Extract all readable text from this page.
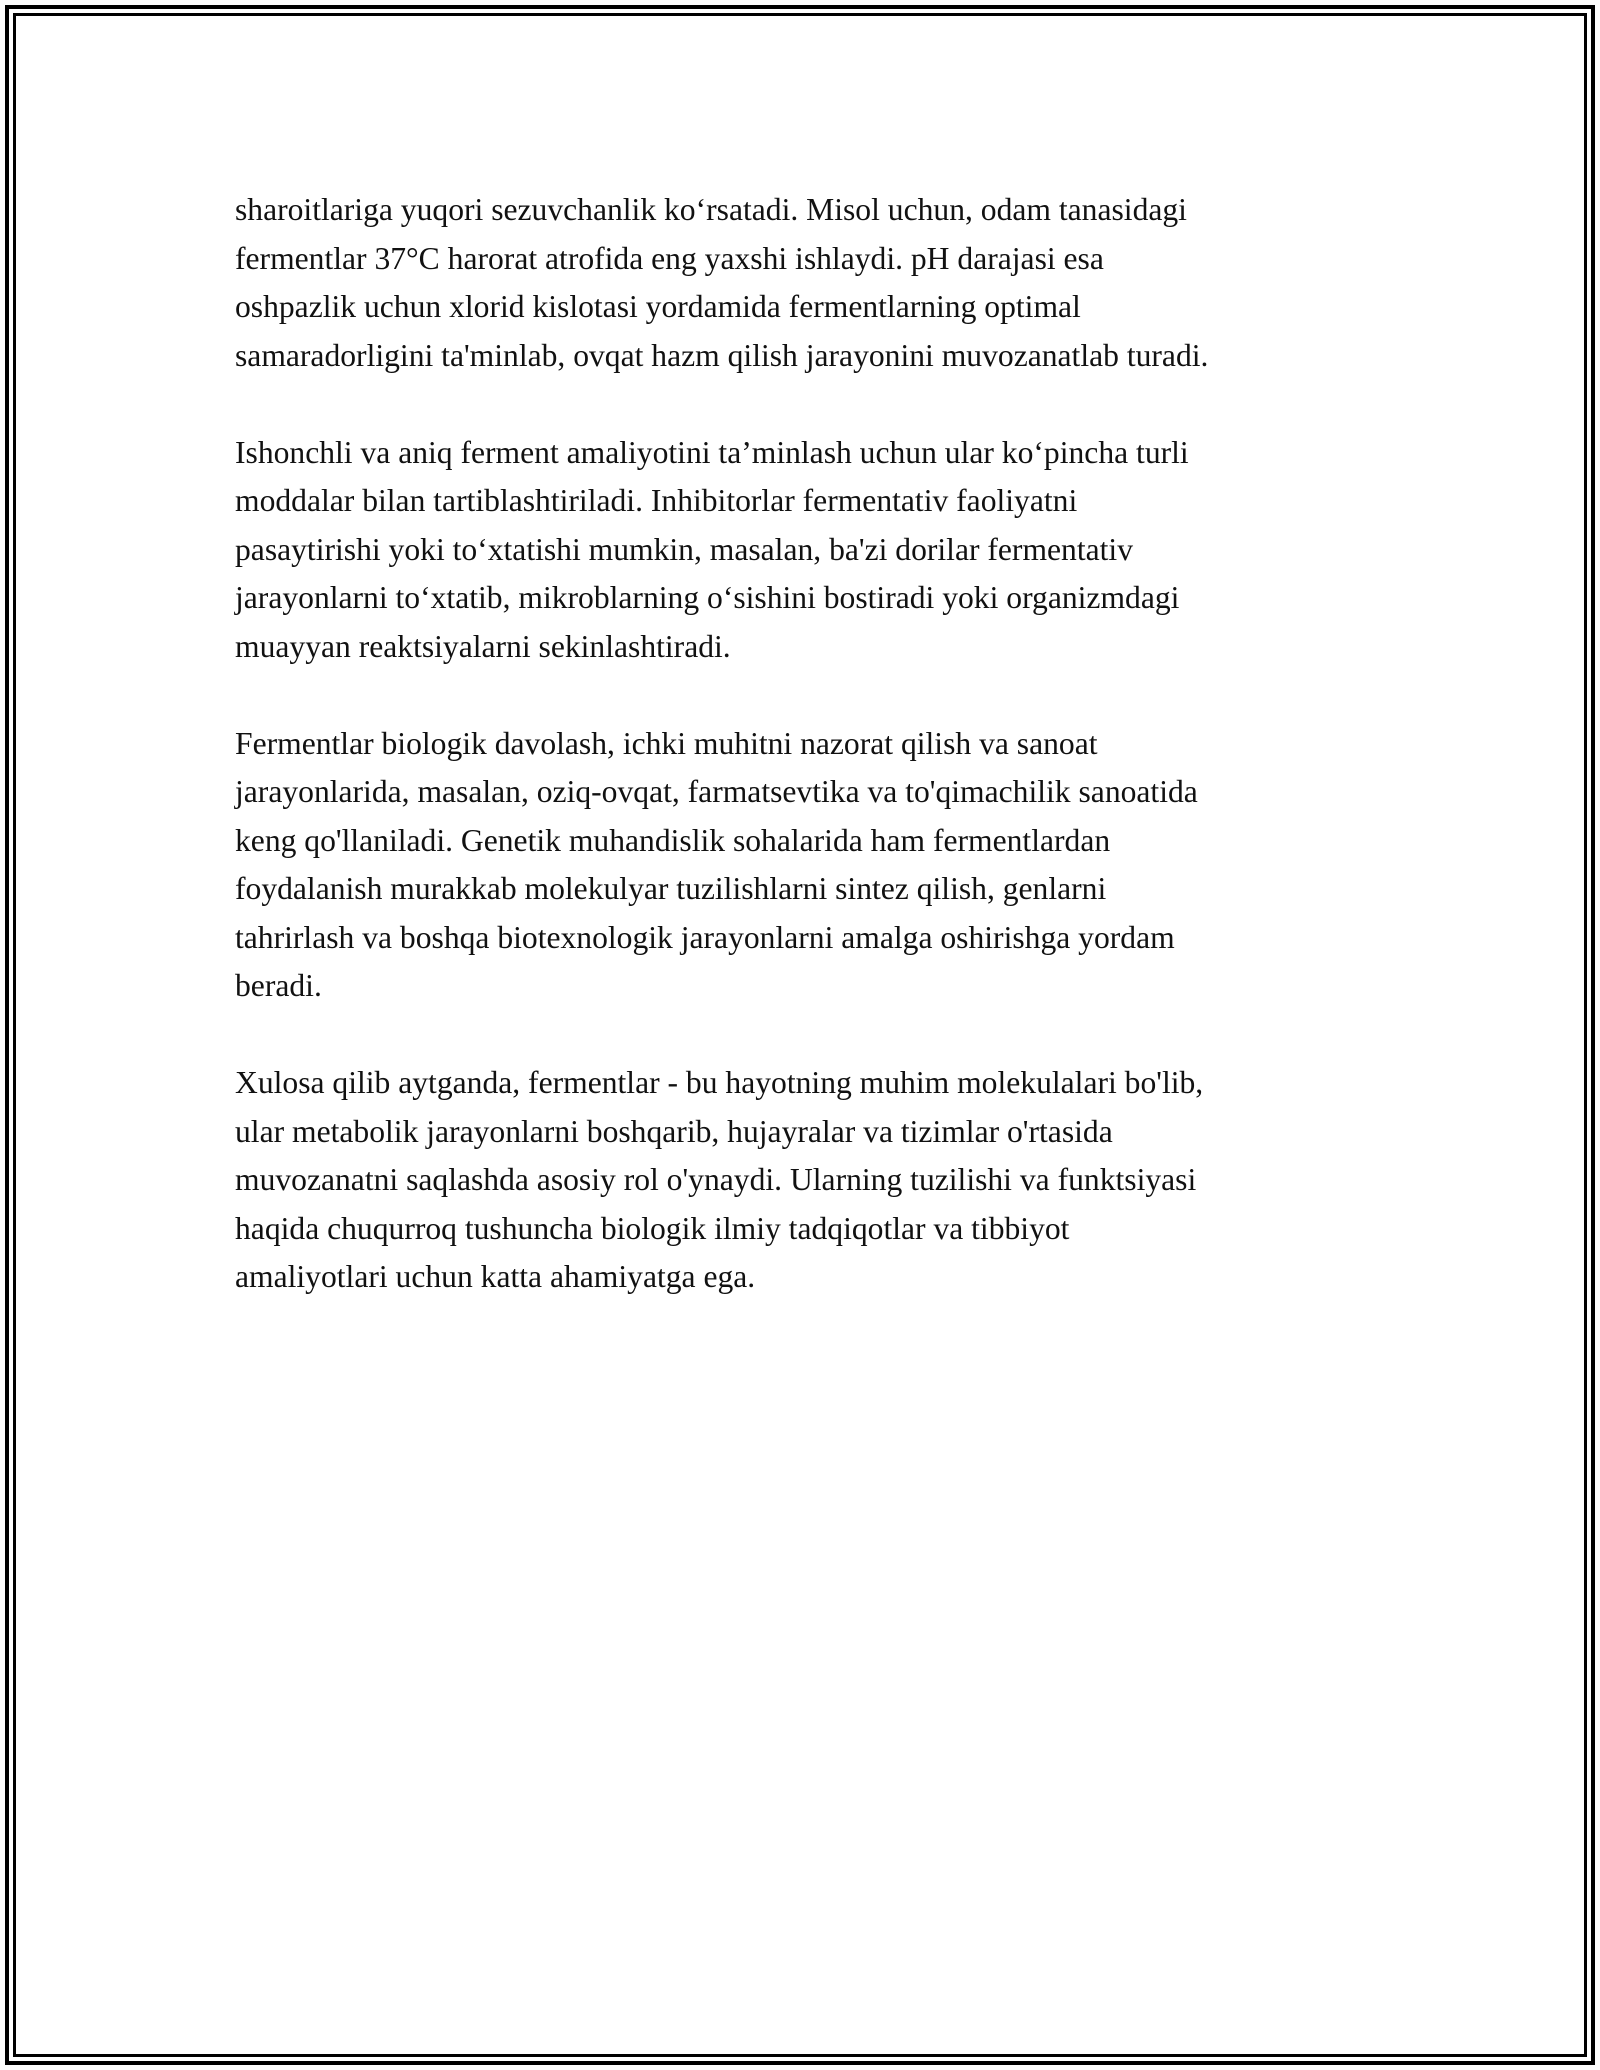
sharoitlariga yuqori sezuvchanlik ko‘rsatadi. Misol uchun, odam tanasidagi
fermentlar 37°C harorat atrofida eng yaxshi ishlaydi. pH darajasi esa
oshpazlik uchun xlorid kislotasi yordamida fermentlarning optimal
samaradorligini ta'minlab, ovqat hazm qilish jarayonini muvozanatlab turadi.

Ishonchli va aniq ferment amaliyotini ta’minlash uchun ular ko‘pincha turli
moddalar bilan tartiblashtiriladi. Inhibitorlar fermentativ faoliyatni
pasaytirishi yoki to‘xtatishi mumkin, masalan, ba'zi dorilar fermentativ
jarayonlarni to‘xtatib, mikroblarning o‘sishini bostiradi yoki organizmdagi
muayyan reaktsiyalarni sekinlashtiradi.

Fermentlar biologik davolash, ichki muhitni nazorat qilish va sanoat
jarayonlarida, masalan, oziq-ovqat, farmatsevtika va to'qimachilik sanoatida
keng qo'llaniladi. Genetik muhandislik sohalarida ham fermentlardan
foydalanish murakkab molekulyar tuzilishlarni sintez qilish, genlarni
tahrirlash va boshqa biotexnologik jarayonlarni amalga oshirishga yordam
beradi.

Xulosa qilib aytganda, fermentlar - bu hayotning muhim molekulalari bo'lib,
ular metabolik jarayonlarni boshqarib, hujayralar va tizimlar o'rtasida
muvozanatni saqlashda asosiy rol o'ynaydi. Ularning tuzilishi va funktsiyasi
haqida chuqurroq tushuncha biologik ilmiy tadqiqotlar va tibbiyot
amaliyotlari uchun katta ahamiyatga ega.
